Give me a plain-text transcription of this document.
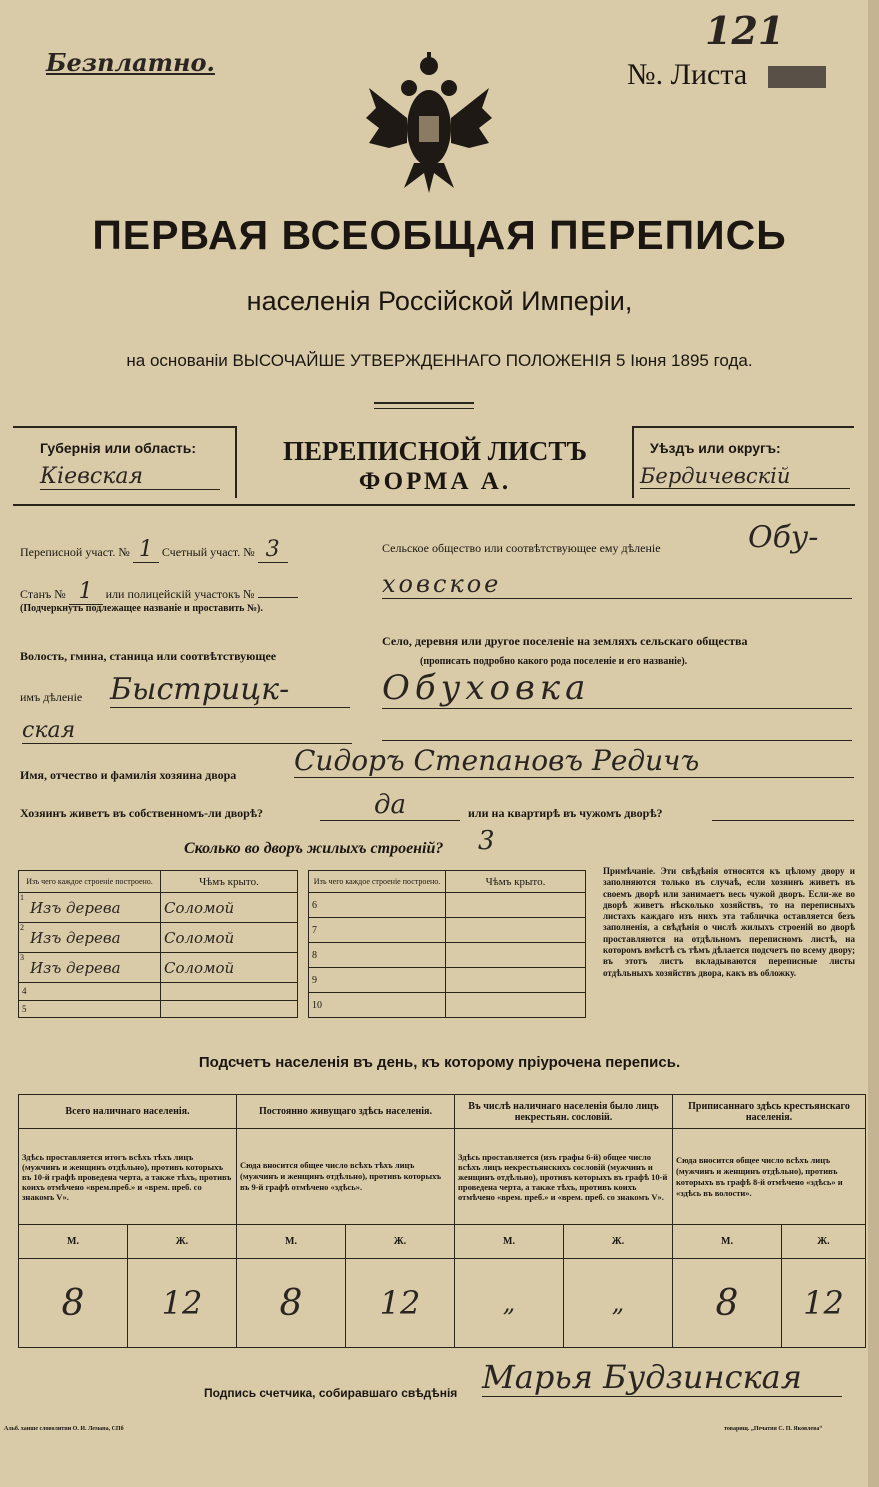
Безплатно.	№. Листа
121
ПЕРВАЯ ВСЕОБЩАЯ ПЕРЕПИСЬ
населенія Россійской Имперіи,
на основаніи ВЫСОЧАЙШЕ УТВЕРЖДЕННАГО ПОЛОЖЕНІЯ 5 Іюня 1895 года.
Губернія или область:
Кіевская
ПЕРЕПИСНОЙ ЛИСТЪ
ФОРМА А.
Уѣздъ или округъ:
Бердичевскій
Переписной участ. № 1 Счетный участ. № 3
Станъ № 1 или полицейскій участокъ №
(Подчеркнуть подлежащее названіе и проставить №).
Волость, гмина, станица или соотвѣтствующее
имъ дѣленіе Быстрицк-
ская
Сельское общество или соотвѣтствующее ему дѣленіе	Обу-
ховское
Село, деревня или другое поселеніе на земляхъ сельскаго общества
(прописать подробно какого рода поселеніе и его названіе).
Обуховка
Имя, отчество и фамилія хозяина двора Сидоръ Степановъ Редичъ
Хозяинъ живетъ въ собственномъ-ли дворѣ?	да	или на квартирѣ въ чужомъ дворѣ?
Сколько во дворъ жилыхъ строеній? 3
Изъ чего каждое строеніе построено.	Чѣмъ крыто.

1
Изъ дерева	Соломой

2
Изъ дерева	Соломой

3
Изъ дерева	Соломой
4	
5	
Изъ чего каждое строеніе построено.	Чѣмъ крыто.
6	
7	
8	
9	
10	
Примѣчаніе. Эти свѣдѣнія относятся къ цѣлому двору и заполняются только въ случаѣ, если хозяинъ живетъ въ своемъ дворѣ или занимаетъ весь чужой дворъ. Если-же во дворѣ живетъ нѣсколько хозяйствъ, то на переписныхъ листахъ каждаго изъ нихъ эта табличка оставляется безъ заполненія, а свѣдѣнія о числѣ жилыхъ строеній во дворѣ проставляются на отдѣльномъ переписномъ листѣ, на которомъ вмѣстѣ съ тѣмъ дѣлается подсчетъ по всему двору; въ этотъ листъ вкладываются переписные листы отдѣльныхъ хозяйствъ двора, какъ въ обложку.
Подсчетъ населенія въ день, къ которому пріурочена перепись.
Всего наличнаго населенія.		Постоянно живущаго здѣсь населенія.		Въ числѣ наличнаго населенія было лицъ некрестьян. сословій.		Приписаннаго здѣсь крестьянскаго населенія.	
Здѣсь проставляется итогъ всѣхъ тѣхъ лицъ (мужчинъ и женщинъ отдѣльно), противъ которыхъ въ 10-й графѣ проведена черта, а также тѣхъ, противъ коихъ отмѣчено «врем.преб.» и «врем. преб. со знакомъ V».		Сюда вносится общее число всѣхъ тѣхъ лицъ (мужчинъ и женщинъ отдѣльно), противъ которыхъ въ 9-й графѣ отмѣчено «здѣсь».		Здѣсь проставляется (изъ графы 6-й) общее число всѣхъ лицъ некрестьянскихъ сословій (мужчинъ и женщинъ отдѣльно), противъ которыхъ въ графѣ 10-й проведена черта, а также тѣхъ, противъ коихъ отмѣчено «врем. преб.» и «врем. преб. со знакомъ V».		Сюда вносится общее число всѣхъ лицъ (мужчинъ и женщинъ отдѣльно), противъ которыхъ въ графѣ 8-й отмѣчено «здѣсь» и «здѣсь въ волости».	
М.	Ж.	М.	Ж.	М.	Ж.	М.	Ж.
8	12	8	12	„	„	8	12
Подпись счетчика, собиравшаго свѣдѣнія Марья Будзинская
Альб. ханше словолитни О. И. Лемана, СПб	товарищ. „Печатня С. П. Яковлева“
